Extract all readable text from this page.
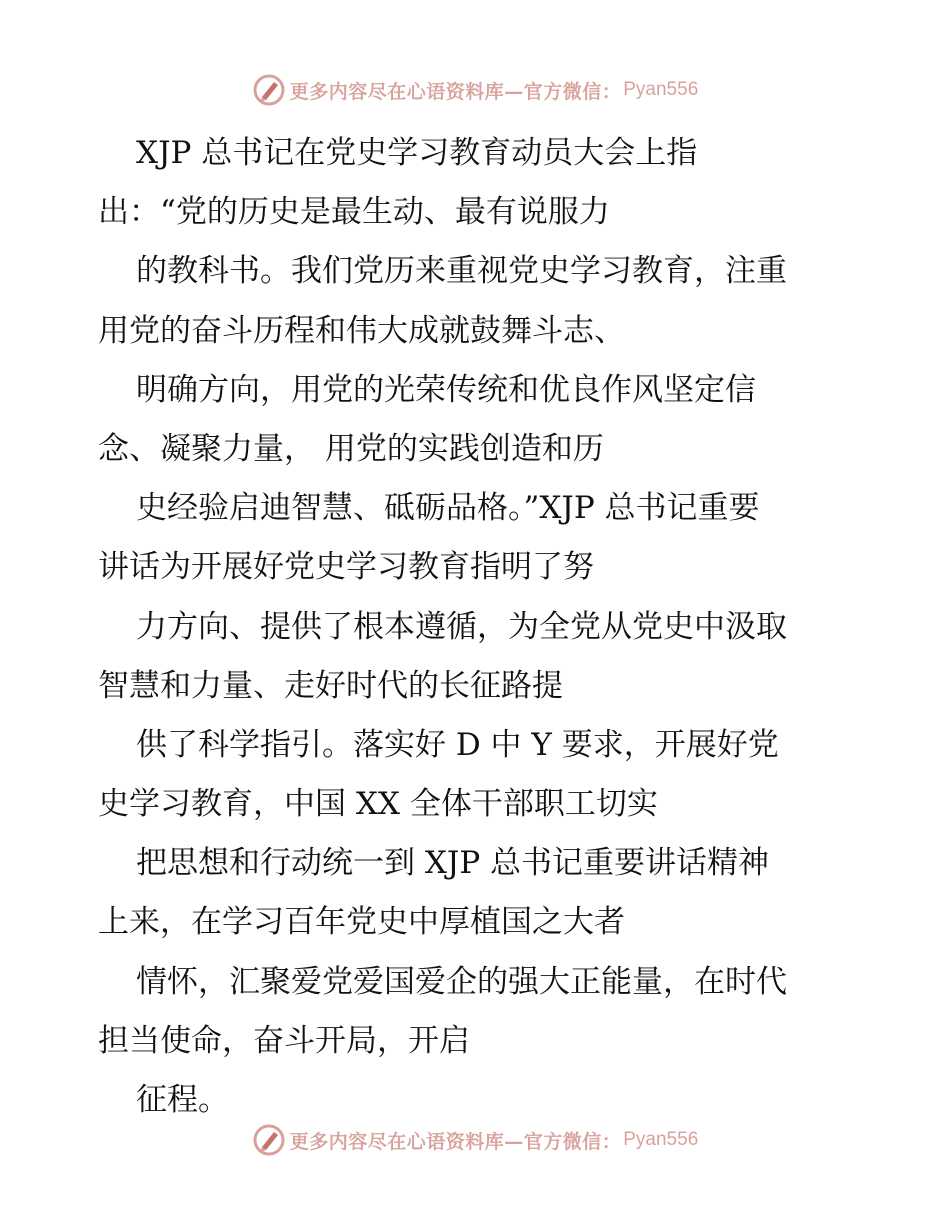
更多内容尽在心语资料库—官方微信： Pyan556
XJP 总书记在党史学习教育动员大会上指
出：“党的历史是最生动、最有说服力
的教科书。我们党历来重视党史学习教育，注重
用党的奋斗历程和伟大成就鼓舞斗志、
明确方向，用党的光荣传统和优良作风坚定信
念、凝聚力量， 用党的实践创造和历
史经验启迪智慧、砥砺品格。”XJP 总书记重要
讲话为开展好党史学习教育指明了努
力方向、提供了根本遵循，为全党从党史中汲取
智慧和力量、走好时代的长征路提
供了科学指引。落实好 D 中 Y 要求，开展好党
史学习教育，中国 XX 全体干部职工切实
把思想和行动统一到 XJP 总书记重要讲话精神
上来，在学习百年党史中厚植国之大者
情怀，汇聚爱党爱国爱企的强大正能量，在时代
担当使命，奋斗开局，开启
征程。
更多内容尽在心语资料库—官方微信： Pyan556
